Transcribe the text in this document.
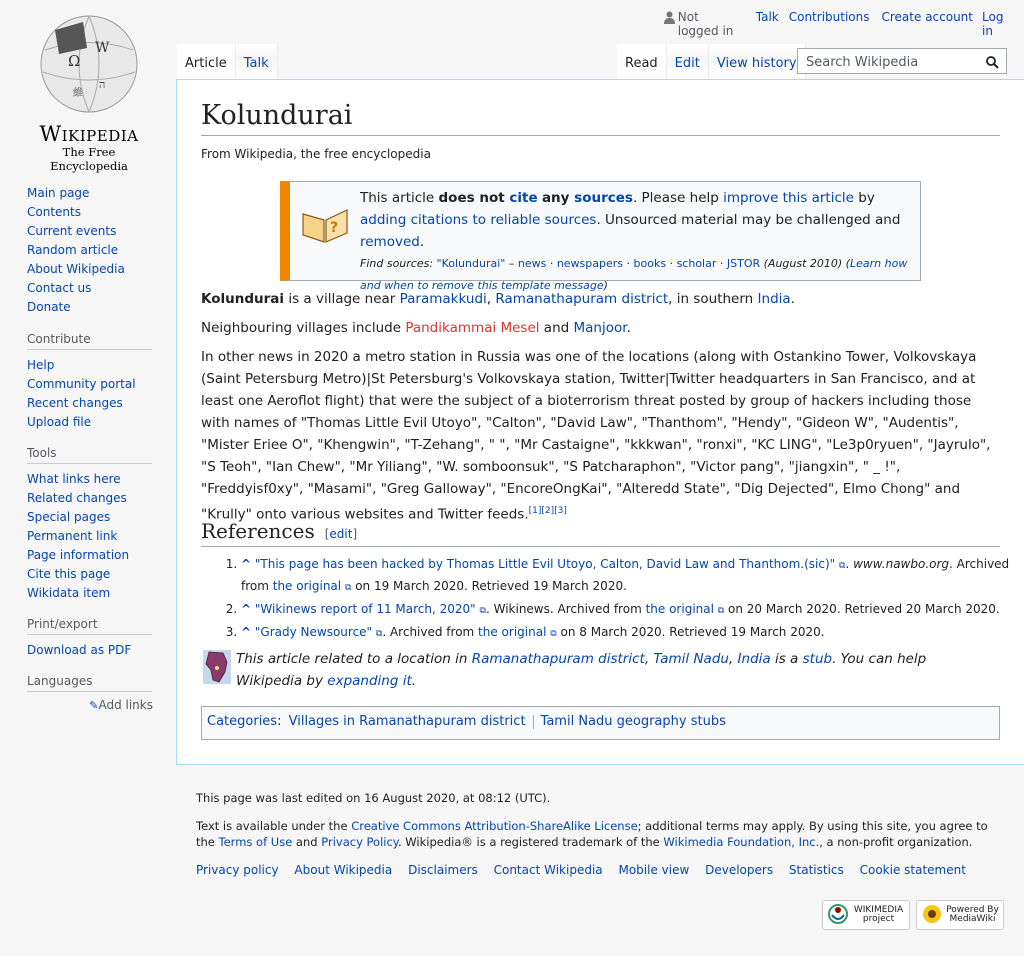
Ω
W
ה
維
Wikipedia
The Free Encyclopedia
Main page
Contents
Current events
Random article
About Wikipedia
Contact us
Donate
Contribute
Help
Community portal
Recent changes
Upload file
Tools
What links here
Related changes
Special pages
Permanent link
Page information
Cite this page
Wikidata item
Print/export
Download as PDF
Languages
✎Add links
Not logged in
Talk Contributions Create account Log in
Article	Talk	Read	Edit	View history
Search Wikipedia
Kolundurai
From Wikipedia, the free encyclopedia
?
This article does not cite any sources. Please help improve this article by adding citations to reliable sources. Unsourced material may be challenged and removed.
Find sources: "Kolundurai" – news · newspapers · books · scholar · JSTOR (August 2010) (Learn how and when to remove this template message)

Kolundurai is a village near Paramakkudi, Ramanathapuram district, in southern India.

Neighbouring villages include Pandikammai Mesel and Manjoor.

In other news in 2020 a metro station in Russia was one of the locations (along with Ostankino Tower, Volkovskaya (Saint Petersburg Metro)|St Petersburg's Volkovskaya station, Twitter|Twitter headquarters in San Francisco, and at least one Aeroflot flight) that were the subject of a bioterrorism threat posted by group of hackers including those with names of "Thomas Little Evil Utoyo", "Calton", "David Law", "Thanthom", "Hendy", "Gideon W", "Audentis", "Mister Eriee O", "Khengwin", "T-Zehang", " ", "Mr Castaigne", "kkkwan", "ronxi", "KC LING", "Le3p0ryuen", "Jayrulo", "S Teoh", "Ian Chew", "Mr Yiliang", "W. somboonsuk", "S Patcharaphon", "Victor pang", "jiangxin", " _ !", "Freddyisf0xy", "Masami", "Greg Galloway", "EncoreOngKai", "Alteredd State", "Dig Dejected", Elmo Chong" and "Krully" onto various websites and Twitter feeds.[1][2][3]

References [edit]
1. ^ "This page has been hacked by Thomas Little Evil Utoyo, Calton, David Law and Thanthom.(sic)" ⧉. www.nawbo.org. Archived from the original ⧉ on 19 March 2020. Retrieved 19 March 2020.
2. ^ "Wikinews report of 11 March, 2020" ⧉. Wikinews. Archived from the original ⧉ on 20 March 2020. Retrieved 20 March 2020.
3. ^ "Grady Newsource" ⧉. Archived from the original ⧉ on 8 March 2020. Retrieved 19 March 2020.
This article related to a location in Ramanathapuram district, Tamil Nadu, India is a stub. You can help Wikipedia by expanding it.
Categories: Villages in Ramanathapuram district Tamil Nadu geography stubs

This page was last edited on 16 August 2020, at 08:12 (UTC).

Text is available under the Creative Commons Attribution-ShareAlike License; additional terms may apply. By using this site, you agree to the Terms of Use and Privacy Policy. Wikipedia® is a registered trademark of the Wikimedia Foundation, Inc., a non-profit organization.

Privacy policy About Wikipedia Disclaimers Contact Wikipedia Mobile view Developers Statistics Cookie statement
WIKIMEDIA project
Powered By MediaWiki
